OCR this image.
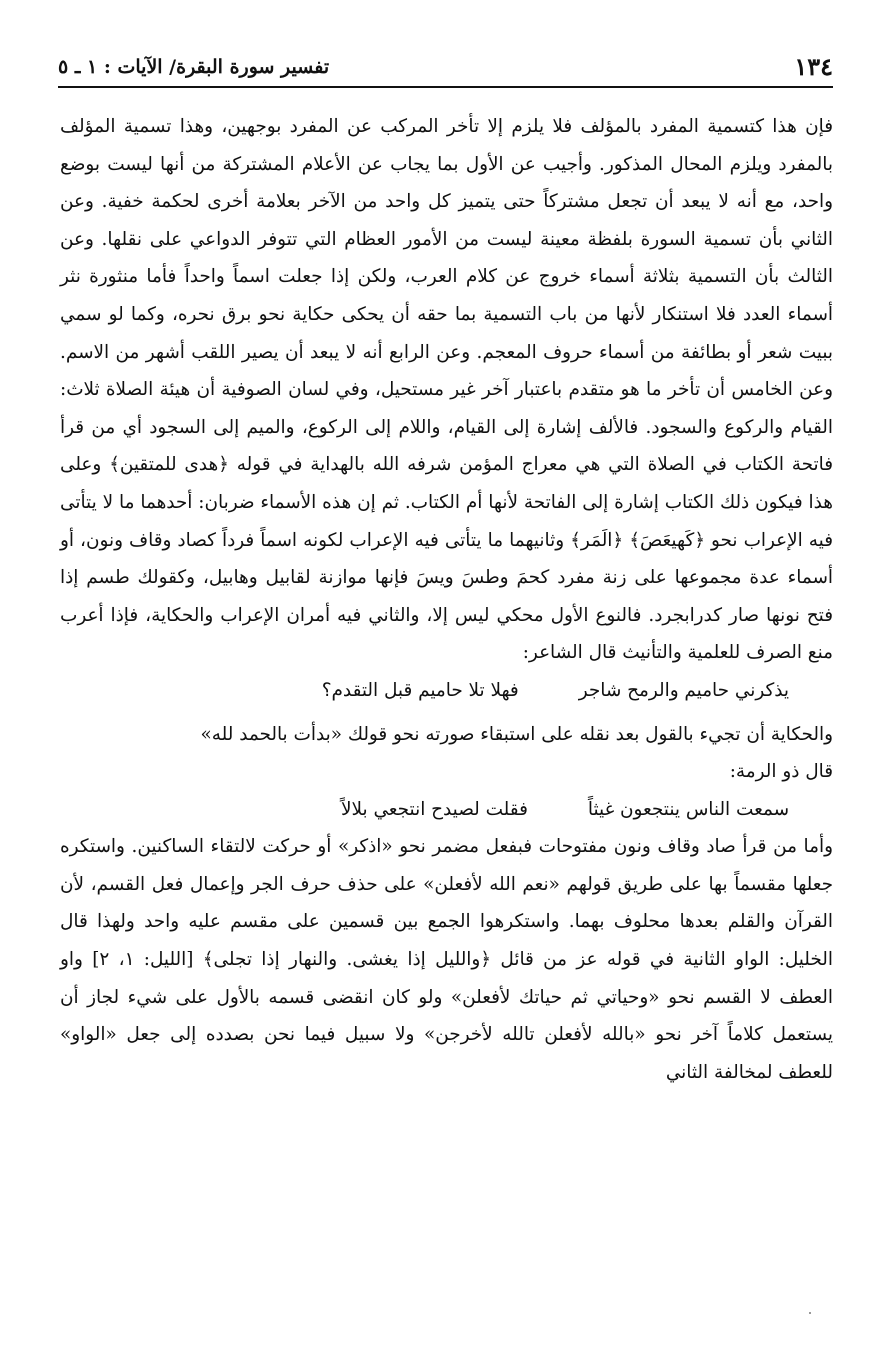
١٣٤
تفسير سورة البقرة/ الآيات : ١ ـ ٥

فإن هذا كتسمية المفرد بالمؤلف فلا يلزم إلا تأخر المركب عن المفرد بوجهين، وهذا تسمية المؤلف بالمفرد ويلزم المحال المذكور. وأجيب عن الأول بما يجاب عن الأعلام المشتركة من أنها ليست بوضع واحد، مع أنه لا يبعد أن تجعل مشتركاً حتى يتميز كل واحد من الآخر بعلامة أخرى لحكمة خفية. وعن الثاني بأن تسمية السورة بلفظة معينة ليست من الأمور العظام التي تتوفر الدواعي على نقلها. وعن الثالث بأن التسمية بثلاثة أسماء خروج عن كلام العرب، ولكن إذا جعلت اسماً واحداً فأما منثورة نثر أسماء العدد فلا استنكار لأنها من باب التسمية بما حقه أن يحكى حكاية نحو برق نحره، وكما لو سمي ببيت شعر أو بطائفة من أسماء حروف المعجم. وعن الرابع أنه لا يبعد أن يصير اللقب أشهر من الاسم. وعن الخامس أن تأخر ما هو متقدم باعتبار آخر غير مستحيل، وفي لسان الصوفية أن هيئة الصلاة ثلاث: القيام والركوع والسجود. فالألف إشارة إلى القيام، واللام إلى الركوع، والميم إلى السجود أي من قرأ فاتحة الكتاب في الصلاة التي هي معراج المؤمن شرفه الله بالهداية في قوله ﴿هدى للمتقين﴾ وعلى هذا فيكون ذلك الكتاب إشارة إلى الفاتحة لأنها أم الكتاب. ثم إن هذه الأسماء ضربان: أحدهما ما لا يتأتى فيه الإعراب نحو ﴿كَهيعَصَ﴾ ﴿الَمَر﴾ وثانيهما ما يتأتى فيه الإعراب لكونه اسماً فرداً كصاد وقاف ونون، أو أسماء عدة مجموعها على زنة مفرد كحمَ وطسَ ويسَ فإنها موازنة لقابيل وهابيل، وكقولك طسم إذا فتح نونها صار كدرابجرد. فالنوع الأول محكي ليس إلا، والثاني فيه أمران الإعراب والحكاية، فإذا أعرب منع الصرف للعلمية والتأنيث قال الشاعر:

يذكرني حاميم والرمح شاجر
فهلا تلا حاميم قبل التقدم؟

والحكاية أن تجيء بالقول بعد نقله على استبقاء صورته نحو قولك «بدأت بالحمد لله»

قال ذو الرمة:
سمعت الناس ينتجعون غيثاً
فقلت لصيدح انتجعي بلالاً

وأما من قرأ صاد وقاف ونون مفتوحات فبفعل مضمر نحو «اذكر» أو حركت لالتقاء الساكنين. واستكره جعلها مقسماً بها على طريق قولهم «نعم الله لأفعلن» على حذف حرف الجر وإعمال فعل القسم، لأن القرآن والقلم بعدها محلوف بهما. واستكرهوا الجمع بين قسمين على مقسم عليه واحد ولهذا قال الخليل: الواو الثانية في قوله عز من قائل ﴿والليل إذا يغشى. والنهار إذا تجلى﴾ [الليل: ١، ٢] واو العطف لا القسم نحو «وحياتي ثم حياتك لأفعلن» ولو كان انقضى قسمه بالأول على شيء لجاز أن يستعمل كلاماً آخر نحو «بالله لأفعلن تالله لأخرجن» ولا سبيل فيما نحن بصدده إلى جعل «الواو» للعطف لمخالفة الثاني
